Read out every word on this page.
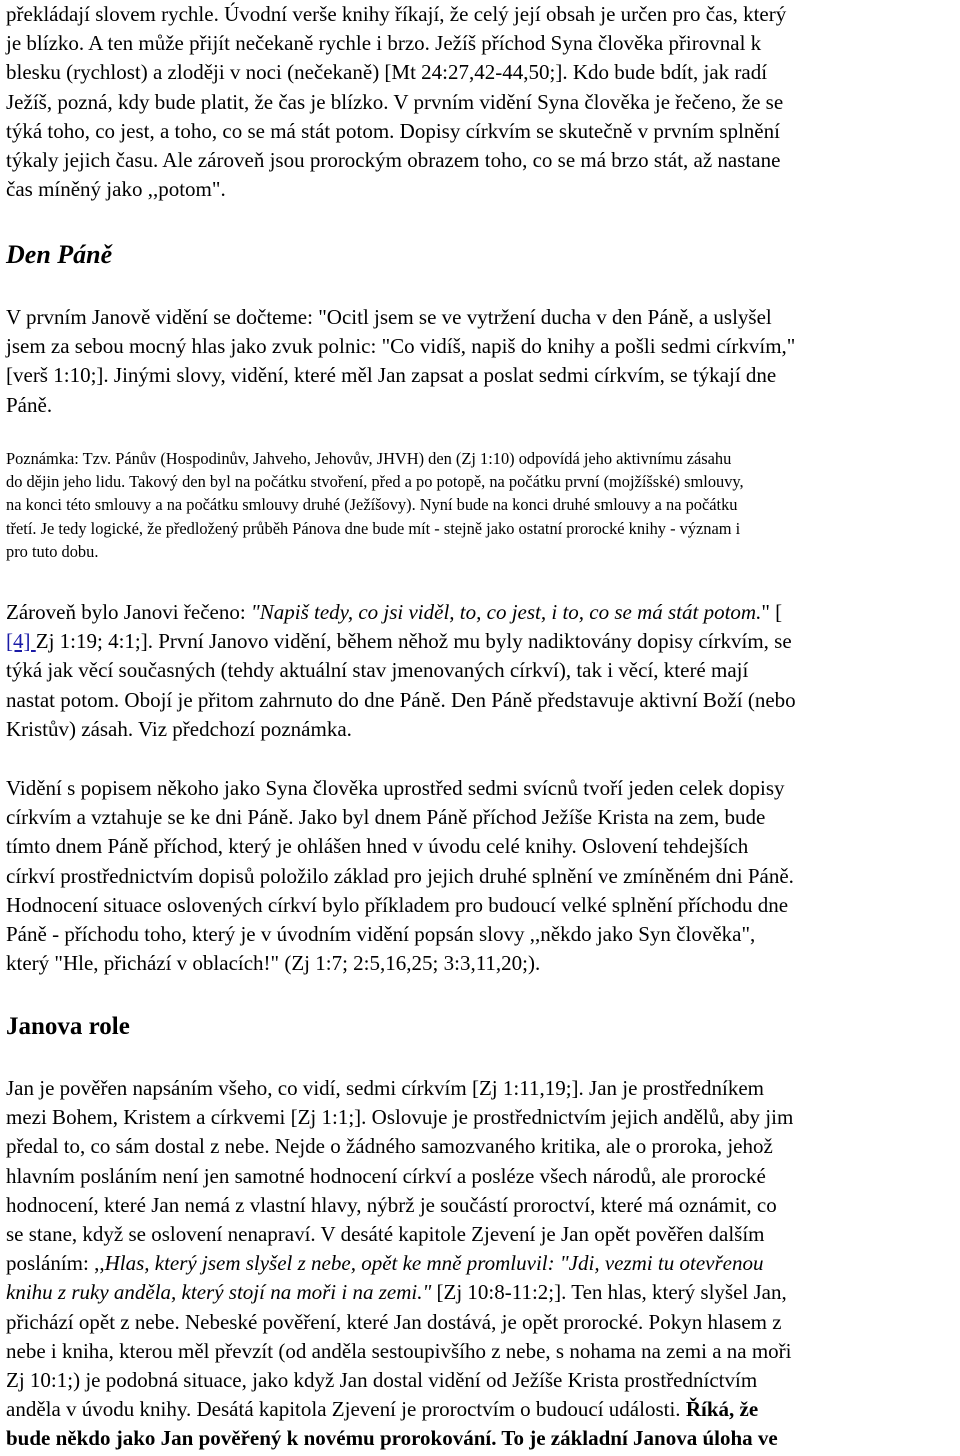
překládají slovem rychle. Úvodní verše knihy říkají, že celý její obsah je určen pro čas, který
je blízko. A ten může přijít nečekaně rychle i brzo. Ježíš příchod Syna člověka přirovnal k
blesku (rychlost) a zloději v noci (nečekaně) [Mt 24:27,42-44,50;]. Kdo bude bdít, jak radí
Ježíš, pozná, kdy bude platit, že čas je blízko. V prvním vidění Syna člověka je řečeno, že se
týká toho, co jest, a toho, co se má stát potom. Dopisy církvím se skutečně v prvním splnění
týkaly jejich času. Ale zároveň jsou prorockým obrazem toho, co se má brzo stát, až nastane
čas míněný jako ,,potom".

Den Páně

V prvním Janově vidění se dočteme: "Ocitl jsem se ve vytržení ducha v den Páně, a uslyšel
jsem za sebou mocný hlas jako zvuk polnic: "Co vidíš, napiš do knihy a pošli sedmi církvím,"
[verš 1:10;]. Jinými slovy, vidění, které měl Jan zapsat a poslat sedmi církvím, se týkají dne
Páně.

Poznámka: Tzv. Pánův (Hospodinův, Jahveho, Jehovův, JHVH) den (Zj 1:10) odpovídá jeho aktivnímu zásahu
do dějin jeho lidu. Takový den byl na počátku stvoření, před a po potopě, na počátku první (mojžíšské) smlouvy,
na konci této smlouvy a na počátku smlouvy druhé (Ježíšovy). Nyní bude na konci druhé smlouvy a na počátku
třetí. Je tedy logické, že předložený průběh Pánova dne bude mít - stejně jako ostatní prorocké knihy - význam i
pro tuto dobu.

Zároveň bylo Janovi řečeno: "Napiš tedy, co jsi viděl, to, co jest, i to, co se má stát potom." [
[4] Zj 1:19; 4:1;]. První Janovo vidění, během něhož mu byly nadiktovány dopisy církvím, se
týká jak věcí současných (tehdy aktuální stav jmenovaných církví), tak i věcí, které mají
nastat potom. Obojí je přitom zahrnuto do dne Páně. Den Páně představuje aktivní Boží (nebo
Kristův) zásah. Viz předchozí poznámka.

Vidění s popisem někoho jako Syna člověka uprostřed sedmi svícnů tvoří jeden celek dopisy
církvím a vztahuje se ke dni Páně. Jako byl dnem Páně příchod Ježíše Krista na zem, bude
tímto dnem Páně příchod, který je ohlášen hned v úvodu celé knihy. Oslovení tehdejších
církví prostřednictvím dopisů položilo základ pro jejich druhé splnění ve zmíněném dni Páně.
Hodnocení situace oslovených církví bylo příkladem pro budoucí velké splnění příchodu dne
Páně - příchodu toho, který je v úvodním vidění popsán slovy ,,někdo jako Syn člověka",
který "Hle, přichází v oblacích!" (Zj 1:7; 2:5,16,25; 3:3,11,20;).

Janova role

Jan je pověřen napsáním všeho, co vidí, sedmi církvím [Zj 1:11,19;]. Jan je prostředníkem
mezi Bohem, Kristem a církvemi [Zj 1:1;]. Oslovuje je prostřednictvím jejich andělů, aby jim
předal to, co sám dostal z nebe. Nejde o žádného samozvaného kritika, ale o proroka, jehož
hlavním posláním není jen samotné hodnocení církví a posléze všech národů, ale prorocké
hodnocení, které Jan nemá z vlastní hlavy, nýbrž je součástí proroctví, které má oznámit, co
se stane, když se oslovení nenapraví. V desáté kapitole Zjevení je Jan opět pověřen dalším
posláním: ,,Hlas, který jsem slyšel z nebe, opět ke mně promluvil: "Jdi, vezmi tu otevřenou
knihu z ruky anděla, který stojí na moři i na zemi." [Zj 10:8-11:2;]. Ten hlas, který slyšel Jan,
přichází opět z nebe. Nebeské pověření, které Jan dostává, je opět prorocké. Pokyn hlasem z
nebe i kniha, kterou měl převzít (od anděla sestoupivšího z nebe, s nohama na zemi a na moři
Zj 10:1;) je podobná situace, jako když Jan dostal vidění od Ježíše Krista prostředníctvím
anděla v úvodu knihy. Desátá kapitola Zjevení je proroctvím o budoucí události. Říká, že
bude někdo jako Jan pověřený k novému prorokování. To je základní Janova úloha ve
